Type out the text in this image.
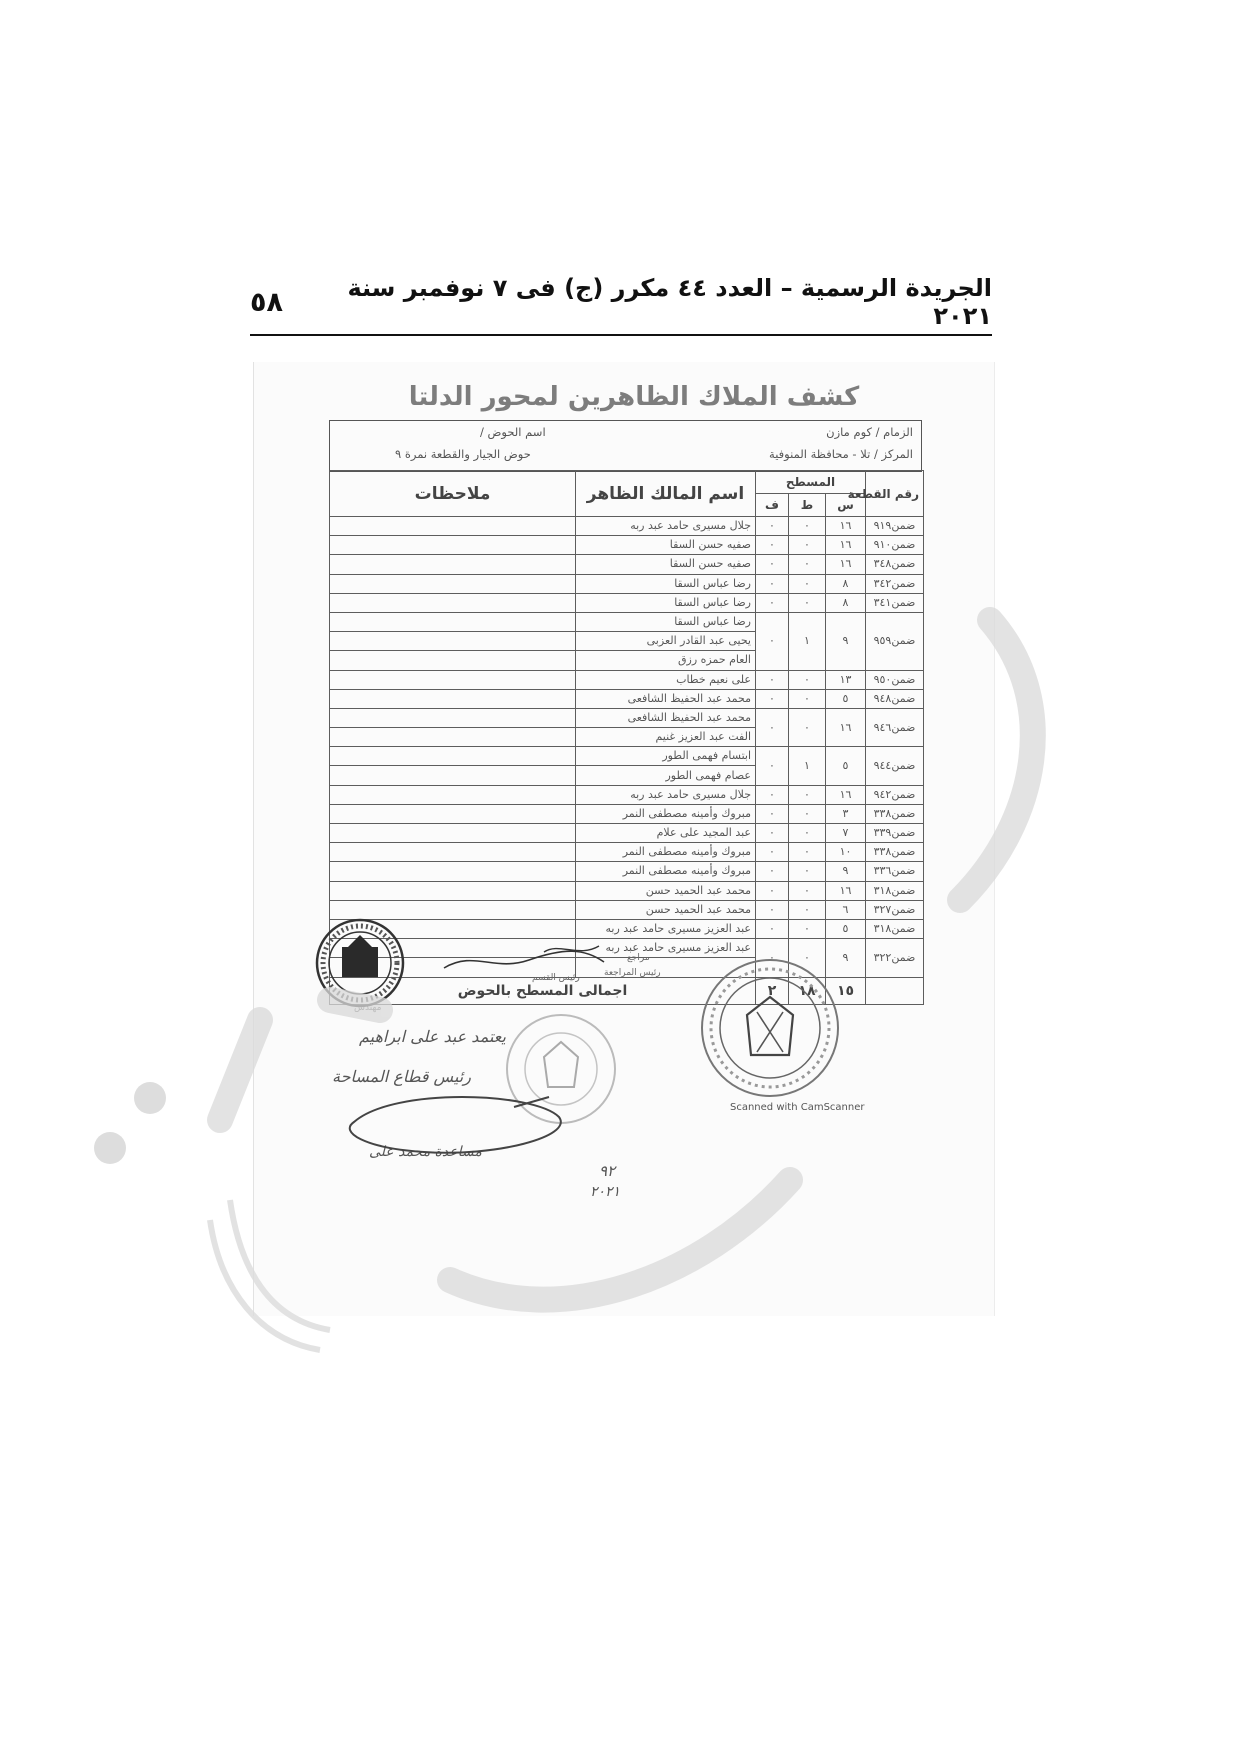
الجريدة الرسمية – العدد ٤٤ مكرر (ج) فى ٧ نوفمبر سنة ٢٠٢١
٥٨
كشف الملاك الظاهرين لمحور الدلتا
الزمام / كوم مازن
المركز / تلا - محافظة المنوفية
اسم الحوض /
حوض الجيار والقطعة نمرة ٩
رقم القطعة	المسطح			اسم المالك الظاهر	ملاحظات
	س	ط	ف		
ضمن٩١٩	١٦	٠	٠	جلال مسيرى حامد عبد ربه	
ضمن٩١٠	١٦	٠	٠	صفيه حسن السقا	
ضمن٣٤٨	١٦	٠	٠	صفيه حسن السقا	
ضمن٣٤٢	٨	٠	٠	رضا عباس السقا	
ضمن٣٤١	٨	٠	٠	رضا عباس السقا	
ضمن٩٥٩	٩	١	٠	رضا عباس السقا	
				يحيى عبد القادر العزبى	
				العام حمزه رزق	
ضمن٩٥٠	١٣	٠	٠	على نعيم خطاب	
ضمن٩٤٨	٥	٠	٠	محمد عبد الحفيظ الشافعى	
ضمن٩٤٦	١٦	٠	٠	محمد عبد الحفيظ الشافعى	
				الفت عبد العزيز غنيم	
ضمن٩٤٤	٥	١	٠	ابتسام فهمى الطور	
				عصام فهمى الطور	
ضمن٩٤٢	١٦	٠	٠	جلال مسيرى حامد عبد ربه	
ضمن٣٣٨	٣	٠	٠	مبروك وأمينه مصطفى النمر	
ضمن٣٣٩	٧	٠	٠	عبد المجيد على علام	
ضمن٣٣٨	١٠	٠	٠	مبروك وأمينه مصطفى النمر	
ضمن٣٣٦	٩	٠	٠	مبروك وأمينه مصطفى النمر	
ضمن٣١٨	١٦	٠	٠	محمد عبد الحميد حسن	
ضمن٣٢٧	٦	٠	٠	محمد عبد الحميد حسن	
ضمن٣١٨	٥	٠	٠	عبد العزيز مسيرى حامد عبد ربه	
ضمن٣٢٢	٩	٠	٠	عبد العزيز مسيرى حامد عبد ربه	

	١٥	١٨	٢	اجمالى المسطح بالحوض	
مراجع
رئيس المراجعة
رئيس القسم
مهندس
يعتمد عبد على ابراهيم
رئيس قطاع المساحة
مساعدة محمد على
٩٢
٢٠٢١
Scanned with CamScanner
